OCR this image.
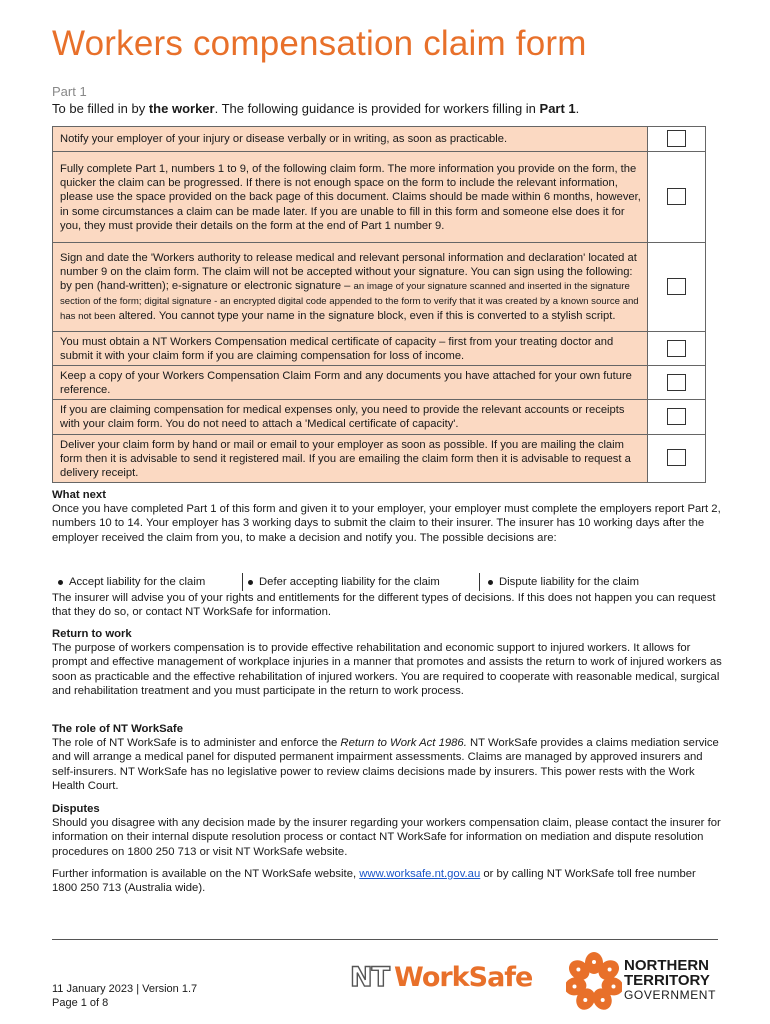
Workers compensation claim form
Part 1
To be filled in by the worker. The following guidance is provided for workers filling in Part 1.
Notify your employer of your injury or disease verbally or in writing, as soon as practicable.	
Fully complete Part 1, numbers 1 to 9, of the following claim form. The more information you provide on the form, the quicker the claim can be progressed. If there is not enough space on the form to include the relevant information, please use the space provided on the back page of this document. Claims should be made within 6 months, however, in some circumstances a claim can be made later. If you are unable to fill in this form and someone else does it for you, they must provide their details on the form at the end of Part 1 number 9.	
Sign and date the 'Workers authority to release medical and relevant personal information and declaration' located at number 9 on the claim form. The claim will not be accepted without your signature. You can sign using the following: by pen (hand-written); e-signature or electronic signature – an image of your signature scanned and inserted in the signature section of the form; digital signature - an encrypted digital code appended to the form to verify that it was created by a known source and has not been altered. You cannot type your name in the signature block, even if this is converted to a stylish script.	
You must obtain a NT Workers Compensation medical certificate of capacity – first from your treating doctor and submit it with your claim form if you are claiming compensation for loss of income.	
Keep a copy of your Workers Compensation Claim Form and any documents you have attached for your own future reference.	
If you are claiming compensation for medical expenses only, you need to provide the relevant accounts or receipts with your claim form. You do not need to attach a 'Medical certificate of capacity'.	
Deliver your claim form by hand or mail or email to your employer as soon as possible. If you are mailing the claim form then it is advisable to send it registered mail. If you are emailing the claim form then it is advisable to request a delivery receipt.	
What next

Once you have completed Part 1 of this form and given it to your employer, your employer must complete the employers report Part 2, numbers 10 to 14. Your employer has 3 working days to submit the claim to their insurer. The insurer has 10 working days after the employer received the claim from you, to make a decision and notify you. The possible decisions are:

Accept liability for the claim	Defer accepting liability for the claim	Dispute liability for the claim

The insurer will advise you of your rights and entitlements for the different types of decisions. If this does not happen you can request that they do so, or contact NT WorkSafe for information.

Return to work

The purpose of workers compensation is to provide effective rehabilitation and economic support to injured workers. It allows for prompt and effective management of workplace injuries in a manner that promotes and assists the return to work of injured workers as soon as practicable and the effective rehabilitation of injured workers. You are required to cooperate with reasonable medical, surgical and rehabilitation treatment and you must participate in the return to work process.

The role of NT WorkSafe

The role of NT WorkSafe is to administer and enforce the Return to Work Act 1986. NT WorkSafe provides a claims mediation service and will arrange a medical panel for disputed permanent impairment assessments. Claims are managed by approved insurers and self-insurers. NT WorkSafe has no legislative power to review claims decisions made by insurers. This power rests with the Work Health Court.

Disputes

Should you disagree with any decision made by the insurer regarding your workers compensation claim, please contact the insurer for information on their internal dispute resolution process or contact NT WorkSafe for information on mediation and dispute resolution procedures on 1800 250 713 or visit NT WorkSafe website.

Further information is available on the NT WorkSafe website, www.worksafe.nt.gov.au or by calling NT WorkSafe toll free number 1800 250 713 (Australia wide).

11 January 2023 | Version 1.7
Page 1 of 8
NT WorkSafe	NORTHERN
TERRITORY
GOVERNMENT
